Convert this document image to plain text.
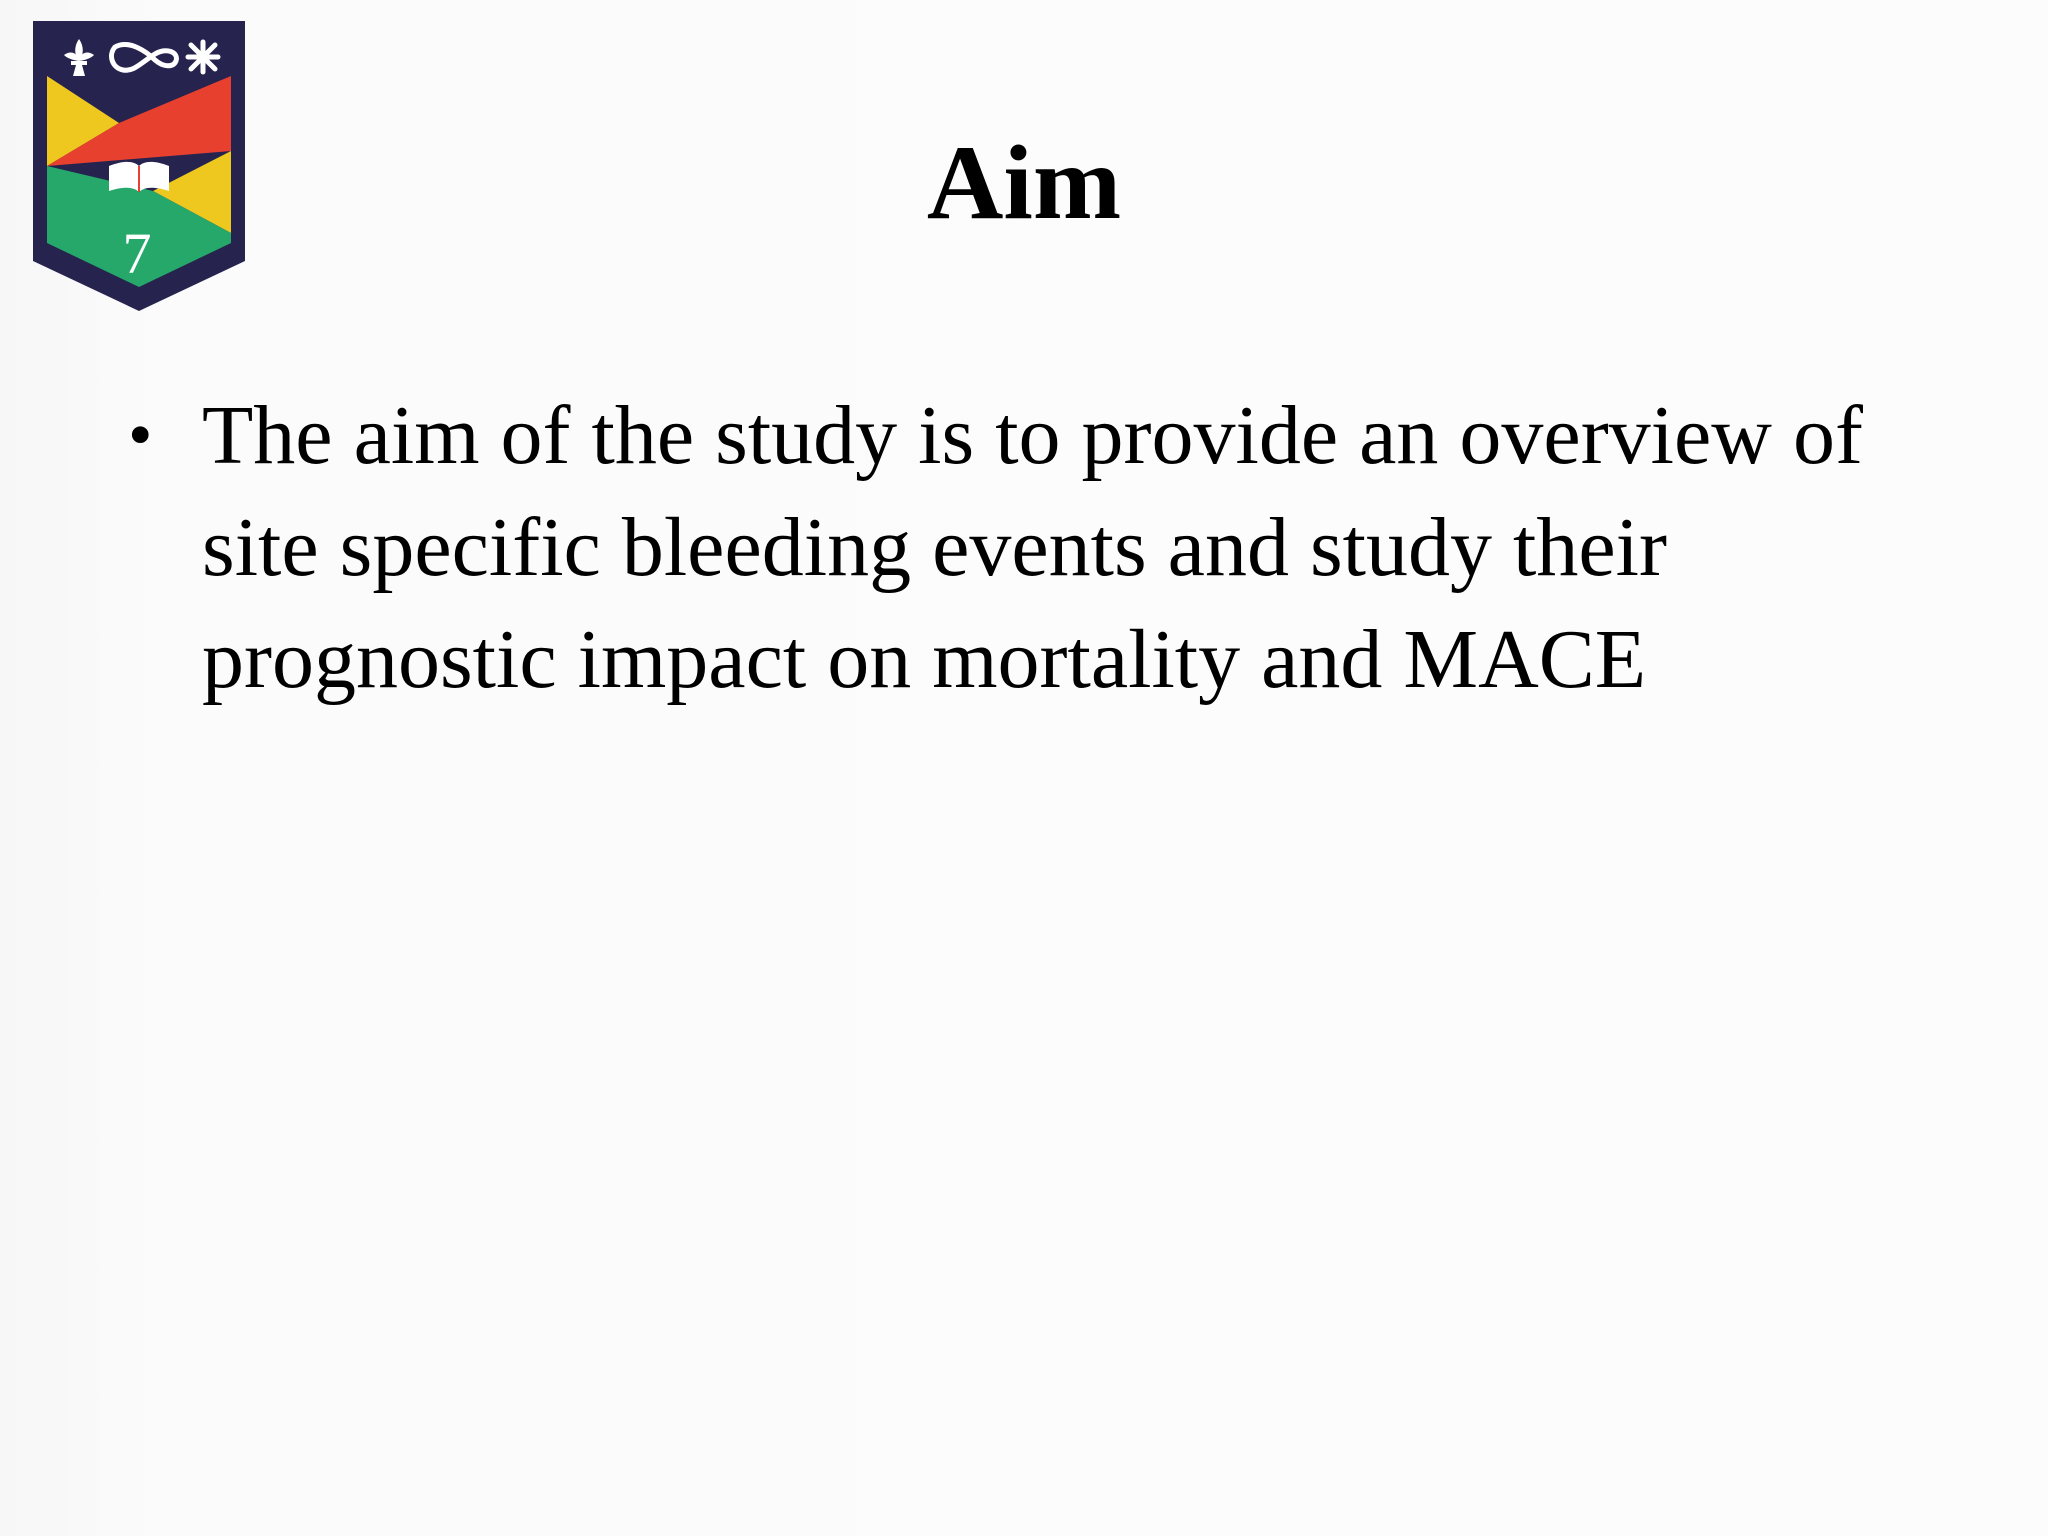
7
Aim
• The aim of the study is to provide an overview of site specific bleeding events and study their prognostic impact on mortality and MACE
